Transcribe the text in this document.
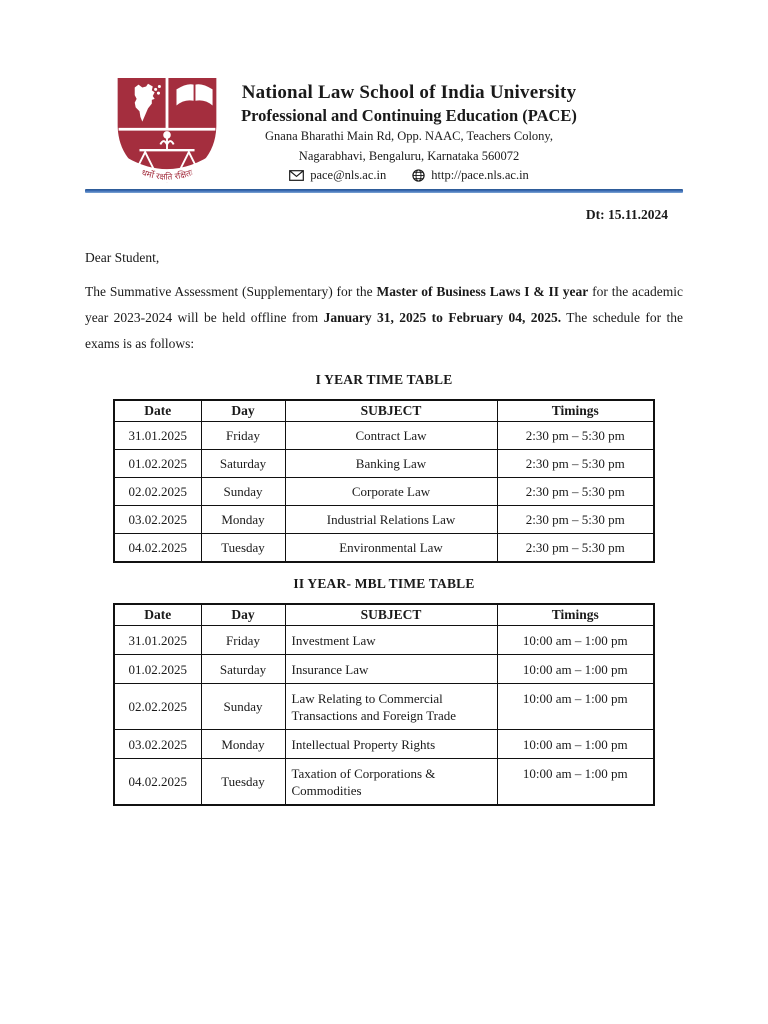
धर्मो रक्षति रक्षितः
National Law School of India University
Professional and Continuing Education (PACE)
Gnana Bharathi Main Rd, Opp. NAAC, Teachers Colony,
Nagarabhavi, Bengaluru, Karnataka 560072
pace@nls.ac.in	http://pace.nls.ac.in
Dt: 15.11.2024
Dear Student,

The Summative Assessment (Supplementary) for the Master of Business Laws I & II year for the academic year 2023-2024 will be held offline from January 31, 2025 to February 04, 2025. The schedule for the exams is as follows:

I YEAR TIME TABLE
Date	Day	SUBJECT	Timings
31.01.2025	Friday	Contract Law	2:30 pm – 5:30 pm
01.02.2025	Saturday	Banking Law	2:30 pm – 5:30 pm
02.02.2025	Sunday	Corporate Law	2:30 pm – 5:30 pm
03.02.2025	Monday	Industrial Relations Law	2:30 pm – 5:30 pm
04.02.2025	Tuesday	Environmental Law	2:30 pm – 5:30 pm
II YEAR- MBL TIME TABLE
Date	Day	SUBJECT	Timings
31.01.2025	Friday	Investment Law	10:00 am – 1:00 pm
01.02.2025	Saturday	Insurance Law	10:00 am – 1:00 pm
02.02.2025	Sunday	Law Relating to Commercial Transactions and Foreign Trade	10:00 am – 1:00 pm
03.02.2025	Monday	Intellectual Property Rights	10:00 am – 1:00 pm
04.02.2025	Tuesday	Taxation of Corporations & Commodities	10:00 am – 1:00 pm
